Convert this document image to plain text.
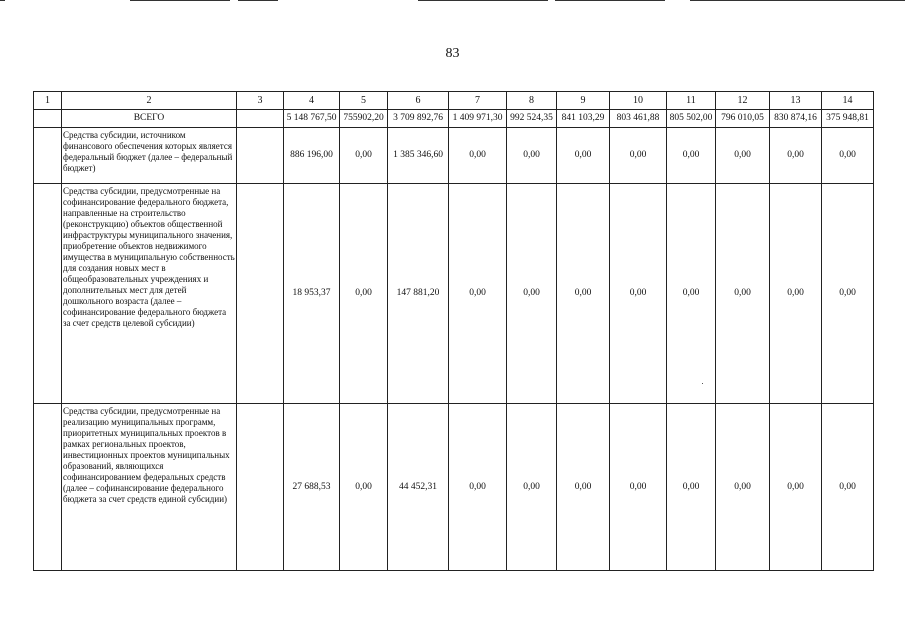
83
1	2	3	4	5	6	7	8	9	10	11	12	13	14
	ВСЕГО		5 148 767,50	755902,20	3 709 892,76	1 409 971,30	992 524,35	841 103,29	803 461,88	805 502,00	796 010,05	830 874,16	375 948,81
	Средства субсидии, источником финансового обеспечения которых является федеральный бюджет (далее – федеральный бюджет)		886 196,00	0,00	1 385 346,60	0,00	0,00	0,00	0,00	0,00	0,00	0,00	0,00
	Средства субсидии, предусмотренные на софинансирование федерального бюджета, направленные на строительство (реконструкцию) объектов общественной инфраструктуры муниципального значения, приобретение объектов недвижимого имущества в муниципальную собственность для создания новых мест в общеобразовательных учреждениях и дополнительных мест для детей дошкольного возраста (далее – софинансирование федерального бюджета за счет средств целевой субсидии)		18 953,37	0,00	147 881,20	0,00	0,00	0,00	0,00	0,00	0,00	0,00	0,00
	Средства субсидии, предусмотренные на реализацию муниципальных программ, приоритетных муниципальных проектов в рамках региональных проектов, инвестиционных проектов муниципальных образований, являющихся софинансированием федеральных средств (далее – софинансирование федерального бюджета за счет средств единой субсидии)		27 688,53	0,00	44 452,31	0,00	0,00	0,00	0,00	0,00	0,00	0,00	0,00
